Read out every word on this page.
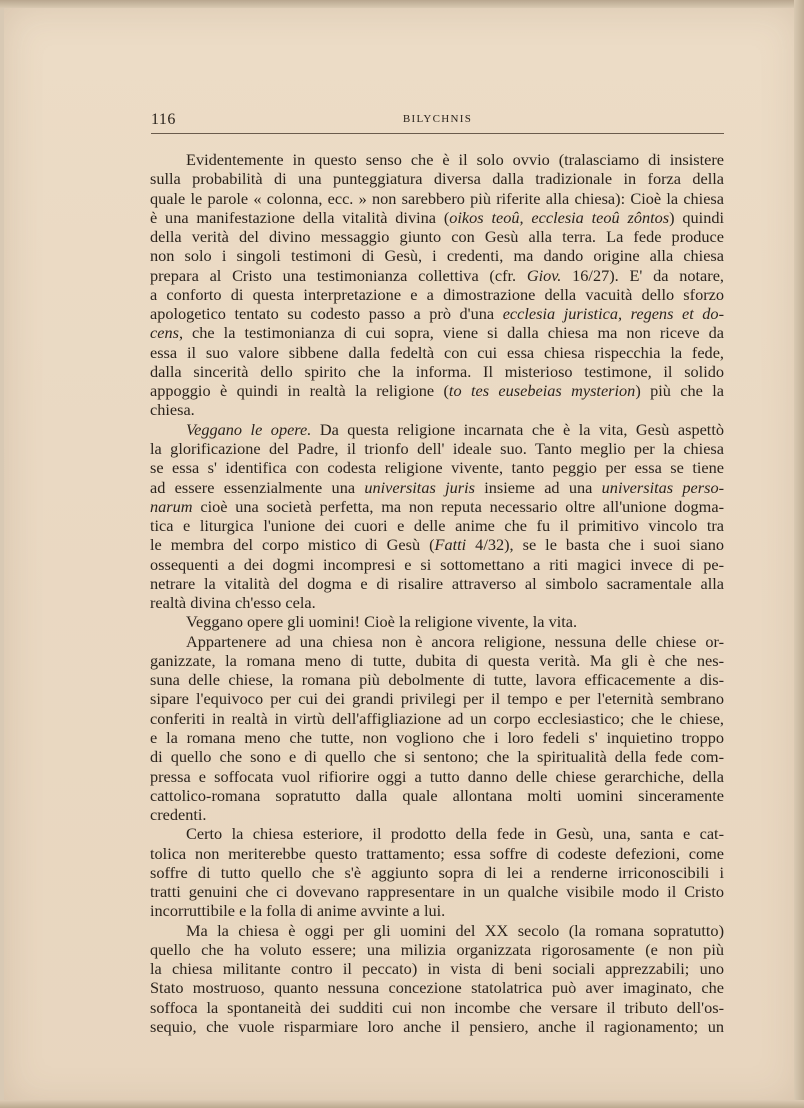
116	BILYCHNIS
Evidentemente in questo senso che è il solo ovvio (tralasciamo di insistere
sulla probabilità di una punteggiatura diversa dalla tradizionale in forza della
quale le parole « colonna, ecc. » non sarebbero più riferite alla chiesa): Cioè la chiesa
è una manifestazione della vitalità divina (oikos teoû, ecclesia teoû zôntos) quindi
della verità del divino messaggio giunto con Gesù alla terra. La fede produce
non solo i singoli testimoni di Gesù, i credenti, ma dando origine alla chiesa
prepara al Cristo una testimonianza collettiva (cfr. Giov. 16/27). E' da notare,
a conforto di questa interpretazione e a dimostrazione della vacuità dello sforzo
apologetico tentato su codesto passo a prò d'una ecclesia juristica, regens et do-
cens, che la testimonianza di cui sopra, viene si dalla chiesa ma non riceve da
essa il suo valore sibbene dalla fedeltà con cui essa chiesa rispecchia la fede,
dalla sincerità dello spirito che la informa. Il misterioso testimone, il solido
appoggio è quindi in realtà la religione (to tes eusebeias mysterion) più che la
chiesa.
Veggano le opere. Da questa religione incarnata che è la vita, Gesù aspettò
la glorificazione del Padre, il trionfo dell' ideale suo. Tanto meglio per la chiesa
se essa s' identifica con codesta religione vivente, tanto peggio per essa se tiene
ad essere essenzialmente una universitas juris insieme ad una universitas perso-
narum cioè una società perfetta, ma non reputa necessario oltre all'unione dogma-
tica e liturgica l'unione dei cuori e delle anime che fu il primitivo vincolo tra
le membra del corpo mistico di Gesù (Fatti 4/32), se le basta che i suoi siano
ossequenti a dei dogmi incompresi e si sottomettano a riti magici invece di pe-
netrare la vitalità del dogma e di risalire attraverso al simbolo sacramentale alla
realtà divina ch'esso cela.
Veggano opere gli uomini! Cioè la religione vivente, la vita.
Appartenere ad una chiesa non è ancora religione, nessuna delle chiese or-
ganizzate, la romana meno di tutte, dubita di questa verità. Ma gli è che nes-
suna delle chiese, la romana più debolmente di tutte, lavora efficacemente a dis-
sipare l'equivoco per cui dei grandi privilegi per il tempo e per l'eternità sembrano
conferiti in realtà in virtù dell'affigliazione ad un corpo ecclesiastico; che le chiese,
e la romana meno che tutte, non vogliono che i loro fedeli s' inquietino troppo
di quello che sono e di quello che si sentono; che la spiritualità della fede com-
pressa e soffocata vuol rifiorire oggi a tutto danno delle chiese gerarchiche, della
cattolico-romana sopratutto dalla quale allontana molti uomini sinceramente
credenti.
Certo la chiesa esteriore, il prodotto della fede in Gesù, una, santa e cat-
tolica non meriterebbe questo trattamento; essa soffre di codeste defezioni, come
soffre di tutto quello che s'è aggiunto sopra di lei a renderne irriconoscibili i
tratti genuini che ci dovevano rappresentare in un qualche visibile modo il Cristo
incorruttibile e la folla di anime avvinte a lui.
Ma la chiesa è oggi per gli uomini del XX secolo (la romana sopratutto)
quello che ha voluto essere; una milizia organizzata rigorosamente (e non più
la chiesa militante contro il peccato) in vista di beni sociali apprezzabili; uno
Stato mostruoso, quanto nessuna concezione statolatrica può aver imaginato, che
soffoca la spontaneità dei sudditi cui non incombe che versare il tributo dell'os-
sequio, che vuole risparmiare loro anche il pensiero, anche il ragionamento; un
